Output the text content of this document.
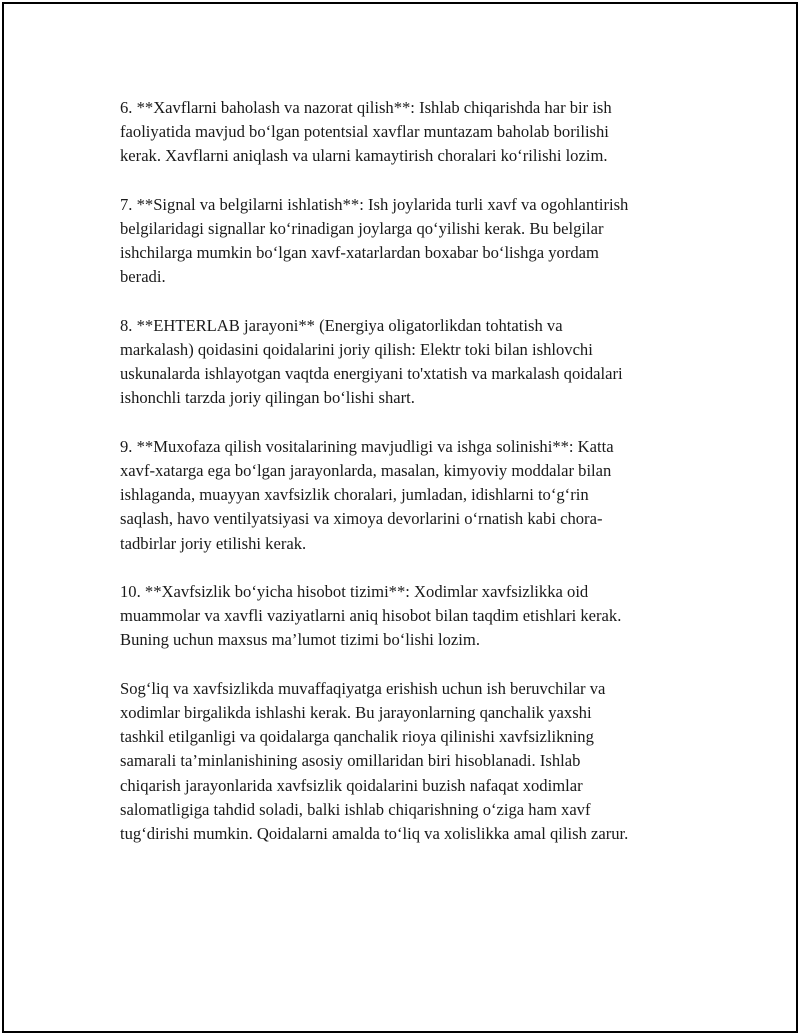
6. **Xavflarni baholash va nazorat qilish**: Ishlab chiqarishda har bir ish
faoliyatida mavjud bo‘lgan potentsial xavflar muntazam baholab borilishi
kerak. Xavflarni aniqlash va ularni kamaytirish choralari ko‘rilishi lozim.

7. **Signal va belgilarni ishlatish**: Ish joylarida turli xavf va ogohlantirish
belgilaridagi signallar ko‘rinadigan joylarga qo‘yilishi kerak. Bu belgilar
ishchilarga mumkin bo‘lgan xavf-xatarlardan boxabar bo‘lishga yordam
beradi.

8. **EHTERLAB jarayoni** (Energiya oligatorlikdan tohtatish va
markalash) qoidasini qoidalarini joriy qilish: Elektr toki bilan ishlovchi
uskunalarda ishlayotgan vaqtda energiyani to'xtatish va markalash qoidalari
ishonchli tarzda joriy qilingan bo‘lishi shart.

9. **Muxofaza qilish vositalarining mavjudligi va ishga solinishi**: Katta
xavf-xatarga ega bo‘lgan jarayonlarda, masalan, kimyoviy moddalar bilan
ishlaganda, muayyan xavfsizlik choralari, jumladan, idishlarni to‘g‘rin
saqlash, havo ventilyatsiyasi va ximoya devorlarini o‘rnatish kabi chora-
tadbirlar joriy etilishi kerak.

10. **Xavfsizlik bo‘yicha hisobot tizimi**: Xodimlar xavfsizlikka oid
muammolar va xavfli vaziyatlarni aniq hisobot bilan taqdim etishlari kerak.
Buning uchun maxsus ma’lumot tizimi bo‘lishi lozim.

Sog‘liq va xavfsizlikda muvaffaqiyatga erishish uchun ish beruvchilar va
xodimlar birgalikda ishlashi kerak. Bu jarayonlarning qanchalik yaxshi
tashkil etilganligi va qoidalarga qanchalik rioya qilinishi xavfsizlikning
samarali ta’minlanishining asosiy omillaridan biri hisoblanadi. Ishlab
chiqarish jarayonlarida xavfsizlik qoidalarini buzish nafaqat xodimlar
salomatligiga tahdid soladi, balki ishlab chiqarishning o‘ziga ham xavf
tug‘dirishi mumkin. Qoidalarni amalda to‘liq va xolislikka amal qilish zarur.
